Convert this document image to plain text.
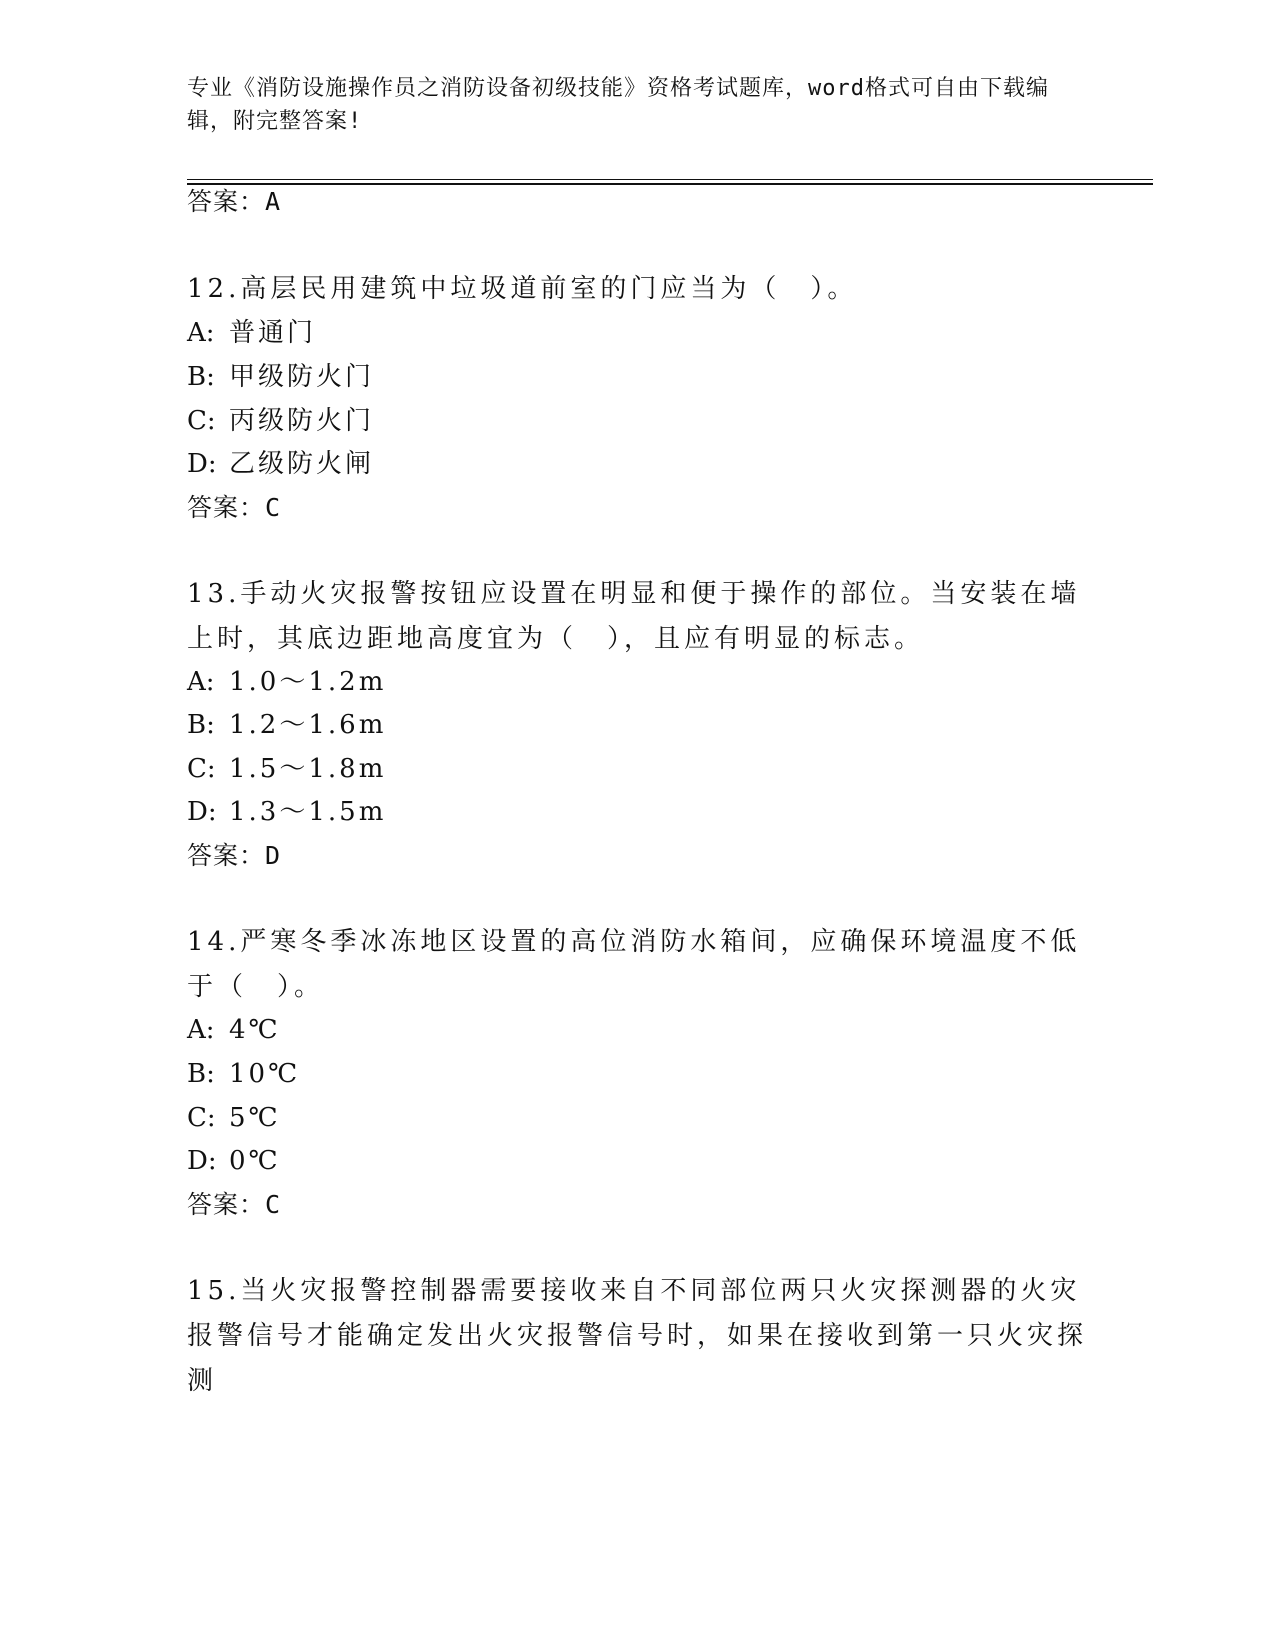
专业《消防设施操作员之消防设备初级技能》资格考试题库，word格式可自由下载编辑，附完整答案!
答案：A
12.高层民用建筑中垃圾道前室的门应当为（　）。
A: 普通门
B: 甲级防火门
C: 丙级防火门
D: 乙级防火闸
答案：C
13.手动火灾报警按钮应设置在明显和便于操作的部位。当安装在墙上时，其底边距地高度宜为（　），且应有明显的标志。
A: 1.0～1.2m
B: 1.2～1.6m
C: 1.5～1.8m
D: 1.3～1.5m
答案：D
14.严寒冬季冰冻地区设置的高位消防水箱间，应确保环境温度不低于（　）。
A: 4℃
B: 10℃
C: 5℃
D: 0℃
答案：C
15.当火灾报警控制器需要接收来自不同部位两只火灾探测器的火灾报警信号才能确定发出火灾报警信号时，如果在接收到第一只火灾探测
